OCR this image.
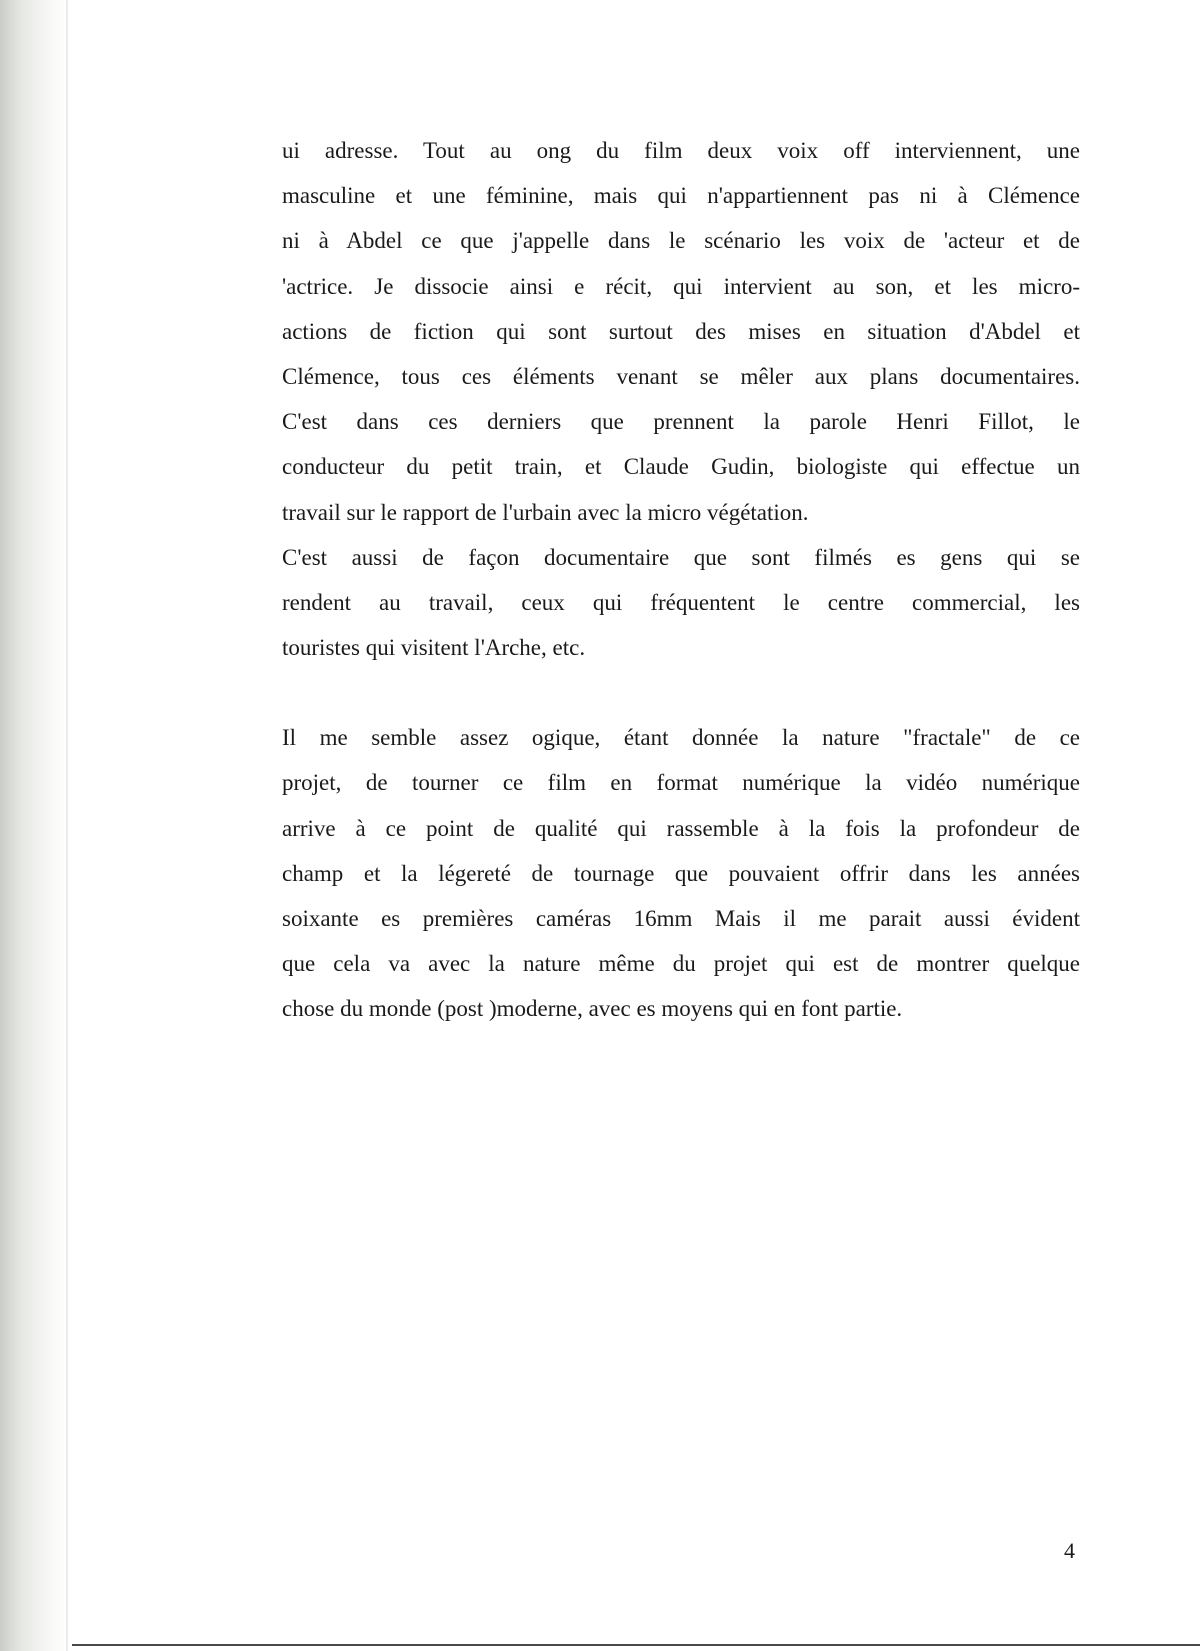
ui adresse. Tout au ong du film deux voix off interviennent, une
masculine et une féminine, mais qui n'appartiennent pas ni à Clémence
ni à Abdel ce que j'appelle dans le scénario les voix de 'acteur et de
'actrice. Je dissocie ainsi e récit, qui intervient au son, et les micro-
actions de fiction qui sont surtout des mises en situation d'Abdel et
Clémence, tous ces éléments venant se mêler aux plans documentaires.
C'est dans ces derniers que prennent la parole Henri Fillot, le
conducteur du petit train, et Claude Gudin, biologiste qui effectue un
travail sur le rapport de l'urbain avec la micro végétation.
C'est aussi de façon documentaire que sont filmés es gens qui se
rendent au travail, ceux qui fréquentent le centre commercial, les
touristes qui visitent l'Arche, etc.
Il me semble assez ogique, étant donnée la nature "fractale" de ce
projet, de tourner ce film en format numérique la vidéo numérique
arrive à ce point de qualité qui rassemble à la fois la profondeur de
champ et la légereté de tournage que pouvaient offrir dans les années
soixante es premières caméras 16mm Mais il me parait aussi évident
que cela va avec la nature même du projet qui est de montrer quelque
chose du monde (post )moderne, avec es moyens qui en font partie.
4
